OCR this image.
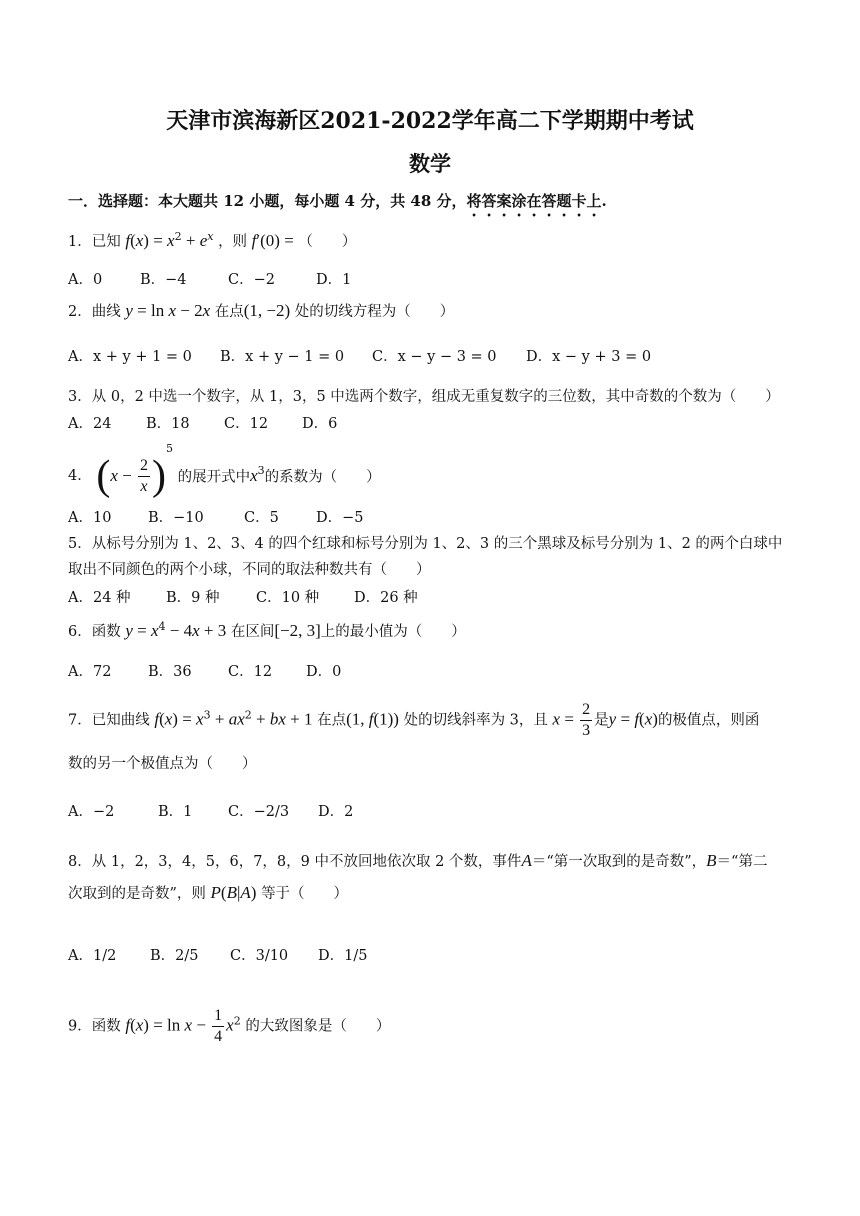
天津市滨海新区2021-2022学年高二下学期期中考试
数学
一．选择题：本大题共 12 小题，每小题 4 分，共 48 分，将答案涂在答题卡上.
1．已知 $f(x) = x^2 + e^x$ ，则 f′(0) = （　　）
A．0	B．−4	C．−2	D．1
2．曲线 y = ln x − 2x 在点(1, −2) 处的切线方程为（　　）
A．x + y + 1 = 0 B．x + y − 1 = 0 C．x − y − 3 = 0 D．x − y + 3 = 0
3．从 0，2 中选一个数字，从 1，3，5 中选两个数字，组成无重复数字的三位数，其中奇数的个数为（　　）
A．24 B．18 C．12 D．6
4． $(x - \frac{2}{x} )^5$ 的展开式中$x^3$的系数为（　　）
A．10	B．−10	C．5	D．−5
5．从标号分别为 1、2、3、4 的四个红球和标号分别为 1、2、3 的三个黑球及标号分别为 1、2 的两个白球中
取出不同颜色的两个小球，不同的取法种数共有（　　）
A．24 种 B．9 种	C．10 种 D．26 种
6．函数 $y = x^4 - 4x + 3$ 在区间[−2, 3]上的最小值为（　　）
A．72	B．36	C．12 D．0
7．已知曲线 $f(x) = x^3 + ax^2$ + bx + 1 在点(1, f(1)) 处的切线斜率为 3，且 $x = \frac{2}{3}$ 是y = f(x)的极值点，则函
数的另一个极值点为（　　）
A．−2	B．1 C．−2/3 D．2
8．从 1，2，3，4，5，6，7，8，9 中不放回地依次取 2 个数，事件A＝“第一次取到的是奇数”，B＝“第二
次取到的是奇数”，则 P(B|A) 等于（　　）
A．1/2 B．2/5 C．3/10 D．1/5
9．函数 $f(x) = \ln x - \frac{1}{4} x^2$ 的大致图象是（　　）
